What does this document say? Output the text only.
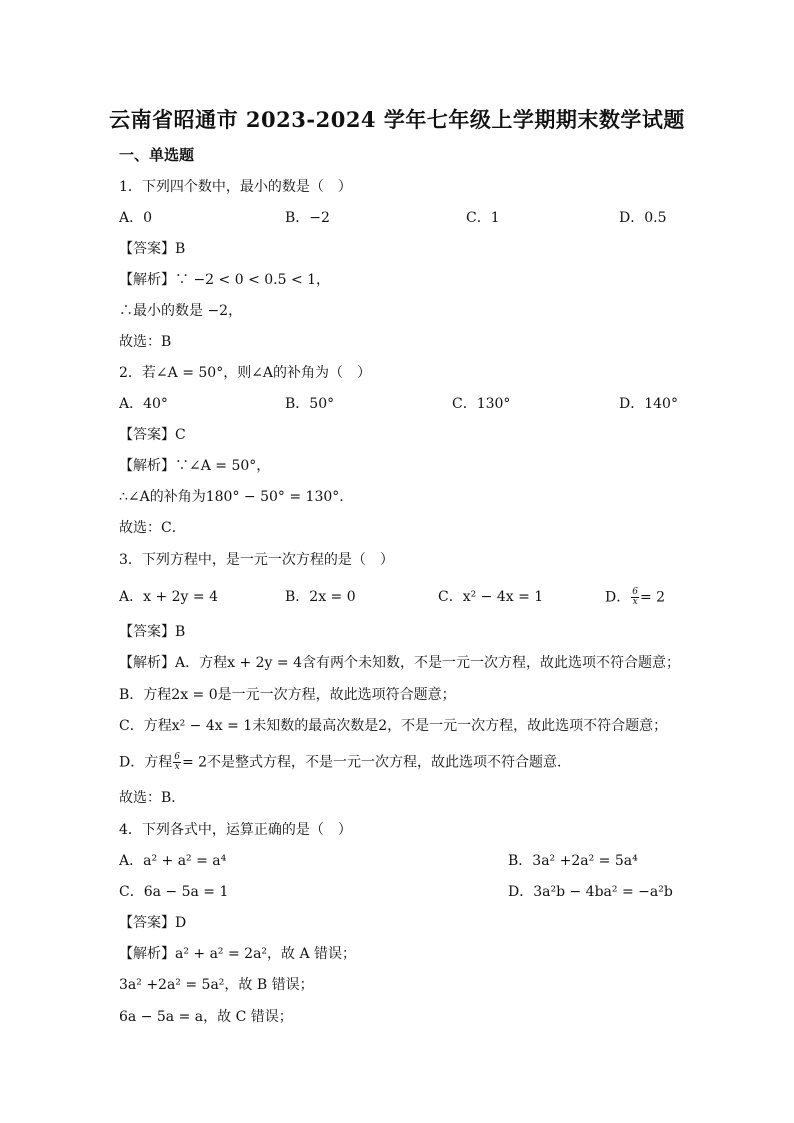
云南省昭通市 2023-2024 学年七年级上学期期末数学试题
一、单选题
1．下列四个数中，最小的数是（　）
A．0	B．−2	C．1	D．0.5
【答案】B
【解析】∵ −2 < 0 < 0.5 < 1，
∴最小的数是 −2，
故选：B
2．若∠A = 50°，则∠A的补角为（　）
A．40°	B．50°	C．130°	D．140°
【答案】C
【解析】∵∠A = 50°，
∴∠A的补角为180° − 50° = 130°.
故选：C．
3．下列方程中，是一元一次方程的是（　）
A．x + 2y = 4	B．2x = 0	C．x² − 4x = 1	D． $\frac{6}{x} = 2$
【答案】B
【解析】A．方程x + 2y = 4含有两个未知数，不是一元一次方程，故此选项不符合题意；
B．方程2x = 0是一元一次方程，故此选项符合题意；
C．方程x² − 4x = 1未知数的最高次数是2，不是一元一次方程，故此选项不符合题意；
D．方程 $\frac{6}{x} = 2$不是整式方程，不是一元一次方程，故此选项不符合题意．
故选：B．
4．下列各式中，运算正确的是（　）
A．a² + a² = a⁴	B．3a² +2a² = 5a⁴
C．6a − 5a = 1	D．3a²b − 4ba² = −a²b
【答案】D
【解析】a² + a² = 2a²，故 A 错误；
3a² +2a² = 5a²，故 B 错误；
6a − 5a = a，故 C 错误；
